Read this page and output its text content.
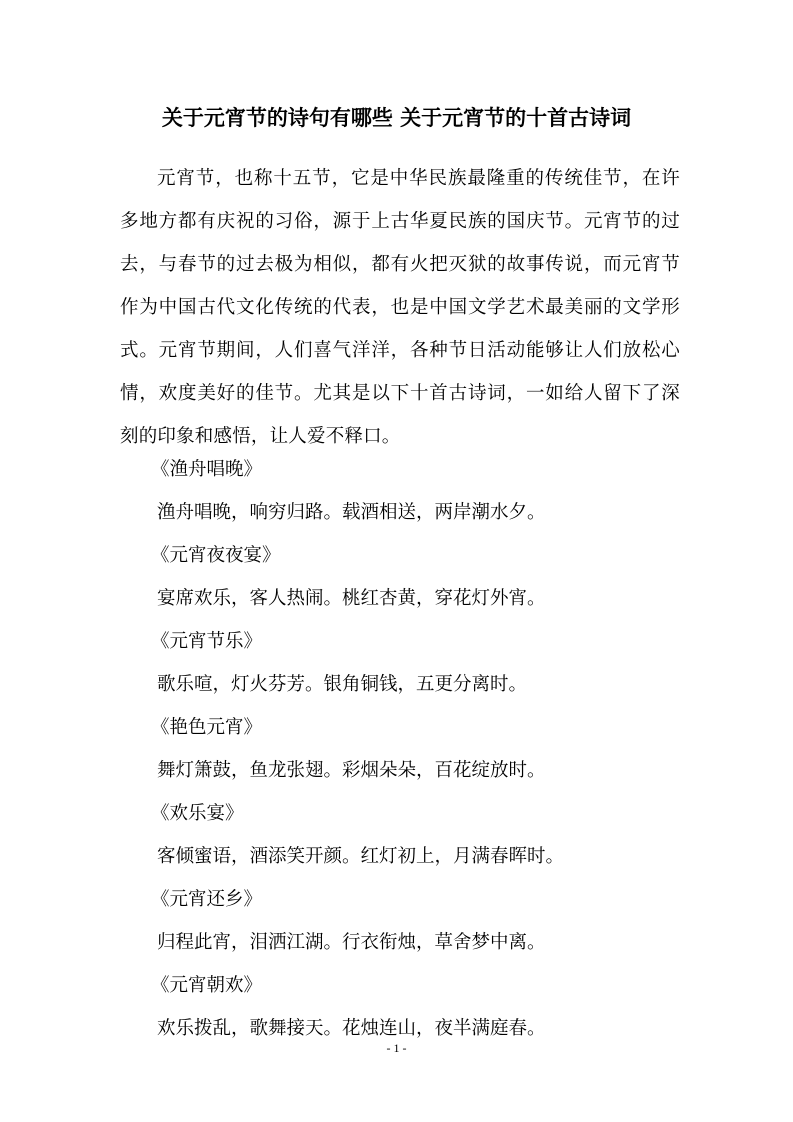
关于元宵节的诗句有哪些 关于元宵节的十首古诗词

元宵节，也称十五节，它是中华民族最隆重的传统佳节，在许多地方都有庆祝的习俗，源于上古华夏民族的国庆节。元宵节的过去，与春节的过去极为相似，都有火把灭狱的故事传说，而元宵节作为中国古代文化传统的代表，也是中国文学艺术最美丽的文学形式。元宵节期间，人们喜气洋洋，各种节日活动能够让人们放松心情，欢度美好的佳节。尤其是以下十首古诗词，一如给人留下了深刻的印象和感悟，让人爱不释口。

《渔舟唱晚》
渔舟唱晚，响穷归路。载酒相送，两岸潮水夕。
《元宵夜夜宴》
宴席欢乐，客人热闹。桃红杏黄，穿花灯外宵。
《元宵节乐》
歌乐喧，灯火芬芳。银角铜钱，五更分离时。
《艳色元宵》
舞灯箫鼓，鱼龙张翅。彩烟朵朵，百花绽放时。
《欢乐宴》
客倾蜜语，酒添笑开颜。红灯初上，月满春晖时。
《元宵还乡》
归程此宵，泪洒江湖。行衣衔烛，草舍梦中离。
《元宵朝欢》
欢乐拨乱，歌舞接天。花烛连山，夜半满庭春。
- 1 -
